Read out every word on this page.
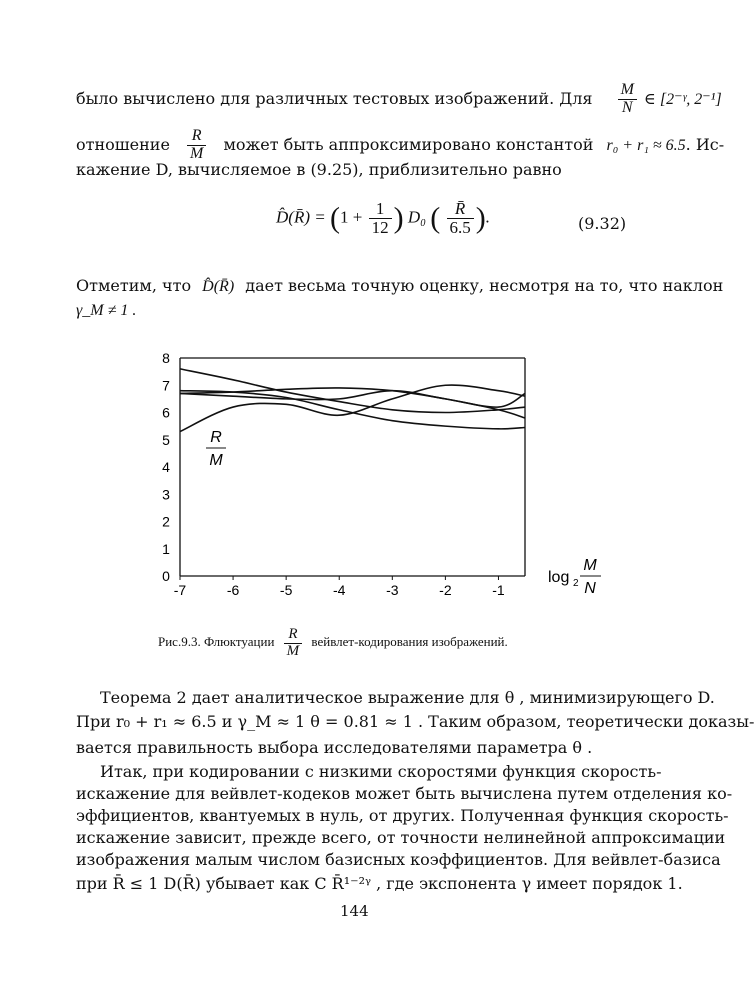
было вычислено для различных тестовых изображений. Для $\frac{M}{N}$ ∈ [2⁻ᵞ, 2⁻¹]
отношение $\frac{R}{M}$ может быть аппроксимировано константой r₀ + r₁ ≈ 6.5. Ис-
кажение D, вычисляемое в (9.25), приблизительно равно
D̂(R̄) = ($1 + \frac{1}{12}$ ) D₀ ( $\frac{R̄}{6.5}$ ).	(9.32)
Отметим, что D̂(R̄) дает весьма точную оценку, несмотря на то, что наклон
γ_M ≠ 1 .
0
1
2
3
4
5
6
7
8
-7	-6	-5	-4	-3	-2	-1
R
M
log 2
M
N
Рис.9.3. Флюктуации $\frac{R}{M}$ вейвлет-кодирования изображений.
Теорема 2 дает аналитическое выражение для θ , минимизирующего D.
При r₀ + r₁ ≈ 6.5 и γ_M ≈ 1 θ = 0.81 ≈ 1 . Таким образом, теоретически доказы-
вается правильность выбора исследователями параметра θ .
Итак, при кодировании с низкими скоростями функция скорость-
искажение для вейвлет-кодеков может быть вычислена путем отделения ко-
эффициентов, квантуемых в нуль, от других. Полученная функция скорость-
искажение зависит, прежде всего, от точности нелинейной аппроксимации
изображения малым числом базисных коэффициентов. Для вейвлет-базиса
при R̄ ≤ 1 D(R̄) убывает как C R̄¹⁻²ᵞ , где экспонента γ имеет порядок 1.
144
